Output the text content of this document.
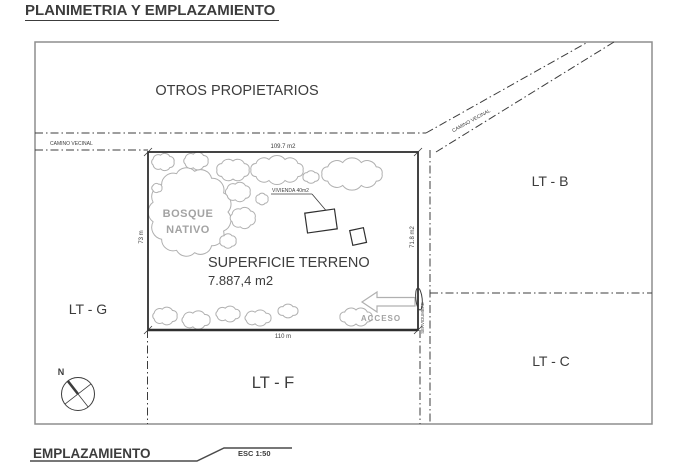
PLANIMETRIA Y EMPLAZAMIENTO
OTROS PROPIETARIOS
CAMINO VECINAL
CAMINO VECINAL
BOSQUE
NATIVO
109.7 m2
73 m	71.8 m2
110 m
VIVIENDA 40m2
SUPERFICIE TERRENO
7.887,4 m2
ACCESO	SERVIDUMBRE
LT - B
LT - C
LT - F
LT - G
N
EMPLAZAMIENTO	ESC 1:50
